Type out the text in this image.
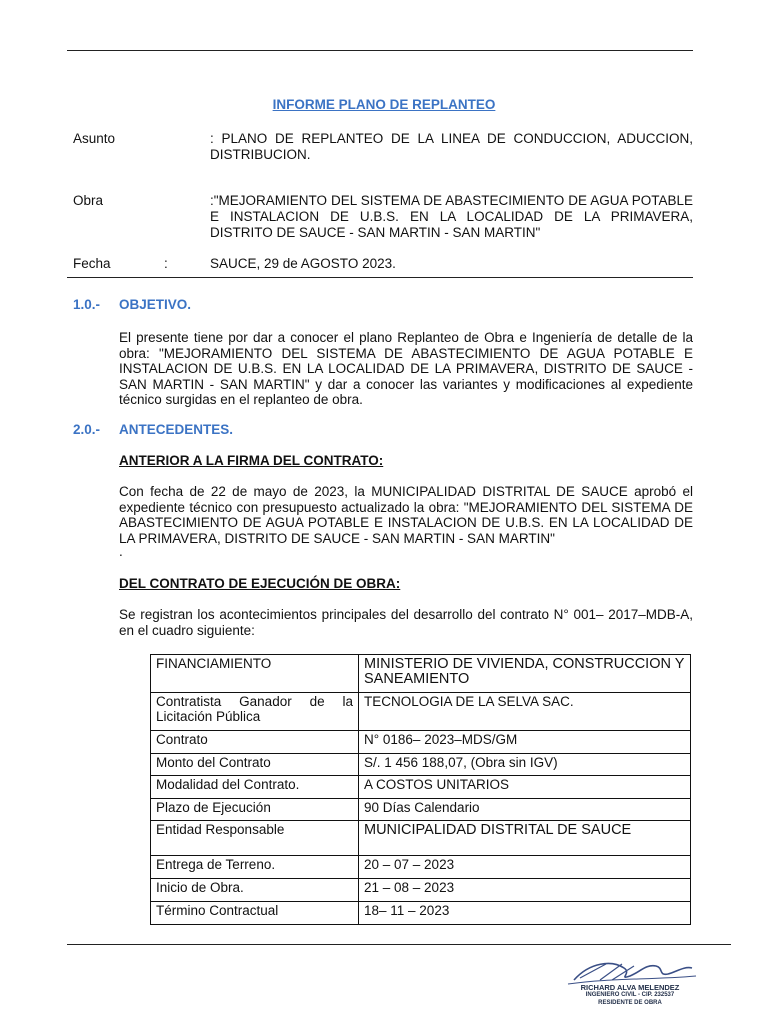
INFORME PLANO DE REPLANTEO
Asunto	: PLANO DE REPLANTEO DE LA LINEA DE CONDUCCION, ADUCCION, DISTRIBUCION.
Obra	:"MEJORAMIENTO DEL SISTEMA DE ABASTECIMIENTO DE AGUA POTABLE E INSTALACION DE U.B.S. EN LA LOCALIDAD DE LA PRIMAVERA, DISTRITO DE SAUCE - SAN MARTIN - SAN MARTIN"
Fecha	:	SAUCE, 29 de AGOSTO 2023.
1.0.- OBJETIVO.
El presente tiene por dar a conocer el plano Replanteo de Obra e Ingeniería de detalle de la obra: "MEJORAMIENTO DEL SISTEMA DE ABASTECIMIENTO DE AGUA POTABLE E INSTALACION DE U.B.S. EN LA LOCALIDAD DE LA PRIMAVERA, DISTRITO DE SAUCE - SAN MARTIN - SAN MARTIN" y dar a conocer las variantes y modificaciones al expediente técnico surgidas en el replanteo de obra.
2.0.- ANTECEDENTES.
ANTERIOR A LA FIRMA DEL CONTRATO:
Con fecha de 22 de mayo de 2023, la MUNICIPALIDAD DISTRITAL DE SAUCE aprobó el expediente técnico con presupuesto actualizado la obra: "MEJORAMIENTO DEL SISTEMA DE ABASTECIMIENTO DE AGUA POTABLE E INSTALACION DE U.B.S. EN LA LOCALIDAD DE LA PRIMAVERA, DISTRITO DE SAUCE - SAN MARTIN - SAN MARTIN"
.
DEL CONTRATO DE EJECUCIÓN DE OBRA:
Se registran los acontecimientos principales del desarrollo del contrato N° 001– 2017–MDB-A, en el cuadro siguiente:
FINANCIAMIENTO	MINISTERIO DE VIVIENDA, CONSTRUCCION Y SANEAMIENTO
Contratista Ganador de la Licitación Pública	TECNOLOGIA DE LA SELVA SAC.
Contrato	N° 0186– 2023–MDS/GM
Monto del Contrato	S/. 1 456 188,07, (Obra sin IGV)
Modalidad del Contrato.	A COSTOS UNITARIOS
Plazo de Ejecución	90 Días Calendario
Entidad Responsable	MUNICIPALIDAD DISTRITAL DE SAUCE
Entrega de Terreno.	20 – 07 – 2023
Inicio de Obra.	21 – 08 – 2023
Término Contractual	18– 11 – 2023
RICHARD ALVA MELENDEZ
INGENIERO CIVIL - CIP. 232537
RESIDENTE DE OBRA
